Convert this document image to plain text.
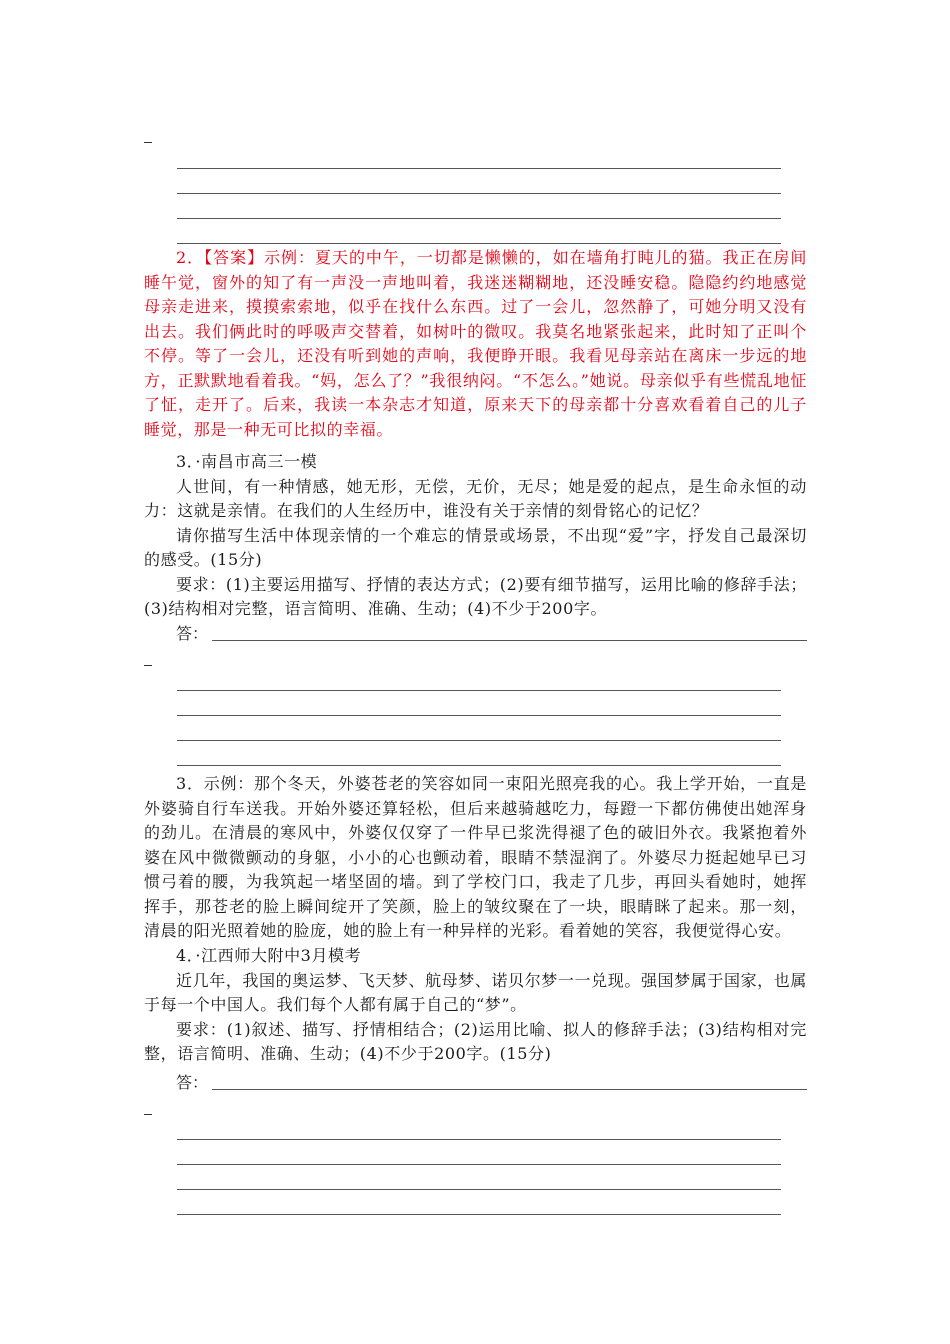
2．【答案】示例：夏天的中午，一切都是懒懒的，如在墙角打盹儿的猫。我正在房间睡午觉，窗外的知了有一声没一声地叫着，我迷迷糊糊地，还没睡安稳。隐隐约约地感觉母亲走进来，摸摸索索地，似乎在找什么东西。过了一会儿，忽然静了，可她分明又没有出去。我们俩此时的呼吸声交替着，如树叶的微叹。我莫名地紧张起来，此时知了正叫个不停。等了一会儿，还没有听到她的声响，我便睁开眼。我看见母亲站在离床一步远的地方，正默默地看着我。“妈，怎么了？”我很纳闷。“不怎么。”她说。母亲似乎有些慌乱地怔了怔，走开了。后来，我读一本杂志才知道，原来天下的母亲都十分喜欢看着自己的儿子睡觉，那是一种无可比拟的幸福。

3．·南昌市高三一模

人世间，有一种情感，她无形，无偿，无价，无尽；她是爱的起点，是生命永恒的动力：这就是亲情。在我们的人生经历中，谁没有关于亲情的刻骨铭心的记忆？

请你描写生活中体现亲情的一个难忘的情景或场景，不出现“爱”字，抒发自己最深切的感受。(15分)

要求：(1)主要运用描写、抒情的表达方式；(2)要有细节描写，运用比喻的修辞手法；(3)结构相对完整，语言简明、准确、生动；(4)不少于200字。

答：

3．示例：那个冬天，外婆苍老的笑容如同一束阳光照亮我的心。我上学开始，一直是外婆骑自行车送我。开始外婆还算轻松，但后来越骑越吃力，每蹬一下都仿佛使出她浑身的劲儿。在清晨的寒风中，外婆仅仅穿了一件早已浆洗得褪了色的破旧外衣。我紧抱着外婆在风中微微颤动的身躯，小小的心也颤动着，眼睛不禁湿润了。外婆尽力挺起她早已习惯弓着的腰，为我筑起一堵坚固的墙。到了学校门口，我走了几步，再回头看她时，她挥挥手，那苍老的脸上瞬间绽开了笑颜，脸上的皱纹聚在了一块，眼睛眯了起来。那一刻，清晨的阳光照着她的脸庞，她的脸上有一种异样的光彩。看着她的笑容，我便觉得心安。

4．·江西师大附中3月模考

近几年，我国的奥运梦、飞天梦、航母梦、诺贝尔梦一一兑现。强国梦属于国家，也属于每一个中国人。我们每个人都有属于自己的“梦”。

要求：(1)叙述、描写、抒情相结合；(2)运用比喻、拟人的修辞手法；(3)结构相对完整，语言简明、准确、生动；(4)不少于200字。(15分)

答：
